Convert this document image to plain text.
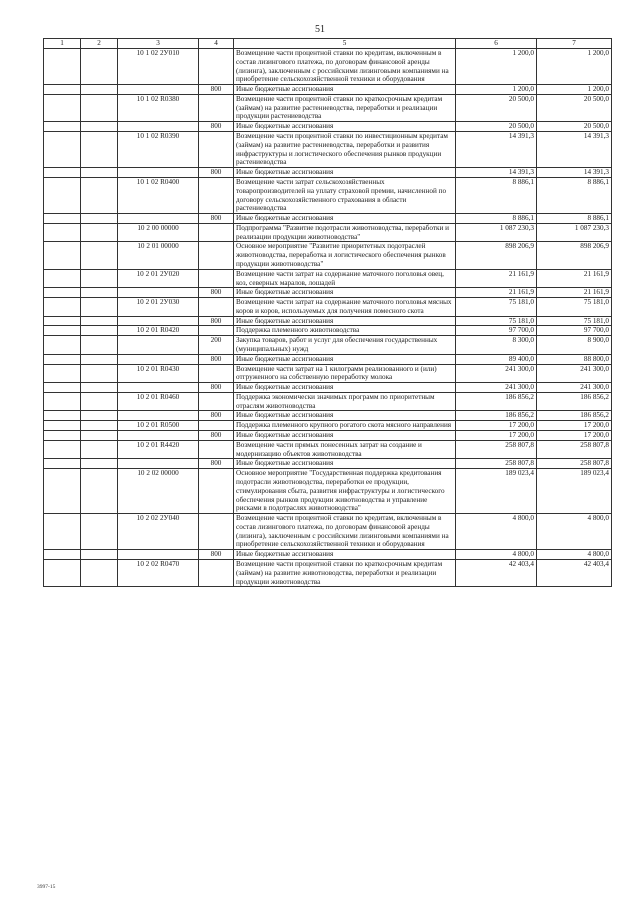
51
1	2	3	4	5	6	7
		10 1 02 2У010		Возмещение части процентной ставки по кредитам, включенным в состав лизингового платежа, по договорам финансовой аренды (лизинга), заключенным с российскими лизинговыми компаниями на приобретение сельскохозяйственной техники и оборудования	1 200,0	1 200,0
			800	Иные бюджетные ассигнования	1 200,0	1 200,0
		10 1 02 R0380		Возмещение части процентной ставки по краткосрочным кредитам (займам) на развитие растениеводства, переработки и реализации продукции растениеводства	20 500,0	20 500,0
			800	Иные бюджетные ассигнования	20 500,0	20 500,0
		10 1 02 R0390		Возмещение части процентной ставки по инвестиционным кредитам (займам) на развитие растениеводства, переработки и развития инфраструктуры и логистического обеспечения рынков продукции растениеводства	14 391,3	14 391,3
			800	Иные бюджетные ассигнования	14 391,3	14 391,3
		10 1 02 R0400		Возмещение части затрат сельскохозяйственных товаропроизводителей на уплату страховой премии, начисленной по договору сельскохозяйственного страхования в области растениеводства	8 886,1	8 886,1
			800	Иные бюджетные ассигнования	8 886,1	8 886,1
		10 2 00 00000		Подпрограмма "Развитие подотрасли животноводства, переработки и реализации продукции животноводства"	1 087 230,3	1 087 230,3
		10 2 01 00000		Основное мероприятие "Развитие приоритетных подотраслей животноводства, переработка и логистического обеспечения рынков продукции животноводства"	898 206,9	898 206,9
		10 2 01 2У020		Возмещение части затрат на содержание маточного поголовья овец, коз, северных маралов, лошадей	21 161,9	21 161,9
			800	Иные бюджетные ассигнования	21 161,9	21 161,9
		10 2 01 2У030		Возмещение части затрат на содержание маточного поголовья мясных коров и коров, используемых для получения помесного скота	75 181,0	75 181,0
			800	Иные бюджетные ассигнования	75 181,0	75 181,0
		10 2 01 R0420		Поддержка племенного животноводства	97 700,0	97 700,0
			200	Закупка товаров, работ и услуг для обеспечения государственных (муниципальных) нужд	8 300,0	8 900,0
			800	Иные бюджетные ассигнования	89 400,0	88 800,0
		10 2 01 R0430		Возмещение части затрат на 1 килограмм реализованного и (или) отгруженного на собственную переработку молока	241 300,0	241 300,0
			800	Иные бюджетные ассигнования	241 300,0	241 300,0
		10 2 01 R0460		Поддержка экономически значимых программ по приоритетным отраслям животноводства	186 856,2	186 856,2
			800	Иные бюджетные ассигнования	186 856,2	186 856,2
		10 2 01 R0500		Поддержка племенного крупного рогатого скота мясного направления	17 200,0	17 200,0
			800	Иные бюджетные ассигнования	17 200,0	17 200,0
		10 2 01 R4420		Возмещение части прямых понесенных затрат на создание и модернизацию объектов животноводства	258 807,8	258 807,8
			800	Иные бюджетные ассигнования	258 807,8	258 807,8
		10 2 02 00000		Основное мероприятие "Государственная поддержка кредитования подотрасли животноводства, переработки ее продукции, стимулирования сбыта, развития инфраструктуры и логистического обеспечения рынков продукции животноводства и управление рисками в подотраслях животноводства"	189 023,4	189 023,4
		10 2 02 2У040		Возмещение части процентной ставки по кредитам, включенным в состав лизингового платежа, по договорам финансовой аренды (лизинга), заключенным с российскими лизинговыми компаниями на приобретение сельскохозяйственной техники и оборудования	4 800,0	4 800,0
			800	Иные бюджетные ассигнования	4 800,0	4 800,0
		10 2 02 R0470		Возмещение части процентной ставки по краткосрочным кредитам (займам) на развитие животноводства, переработки и реализации продукции животноводства	42 403,4	42 403,4
3997-15
